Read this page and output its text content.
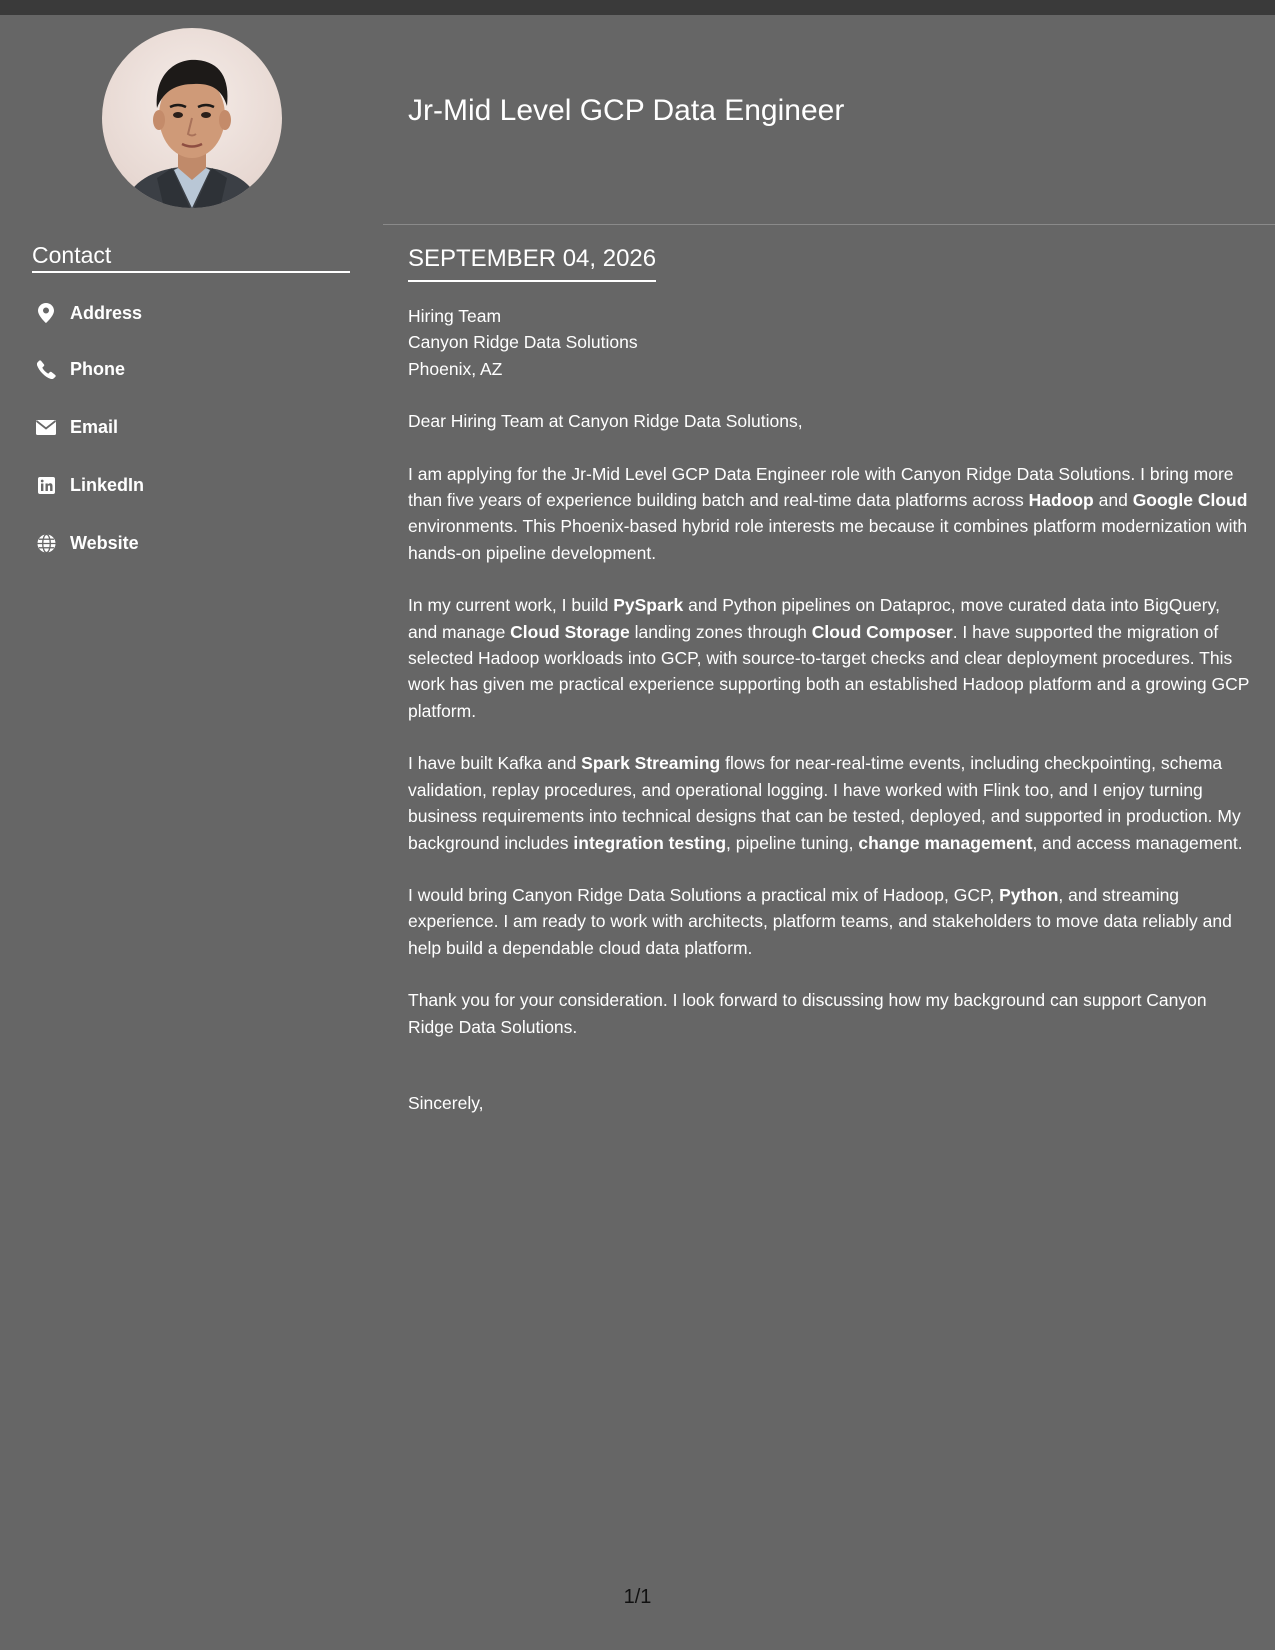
Contact
Address
Phone
Email
LinkedIn
Website
Jr-Mid Level GCP Data Engineer
SEPTEMBER 04, 2026
Hiring Team
Canyon Ridge Data Solutions
Phoenix, AZ

Dear Hiring Team at Canyon Ridge Data Solutions,

I am applying for the Jr-Mid Level GCP Data Engineer role with Canyon Ridge Data Solutions. I bring more than five years of experience building batch and real-time data platforms across Hadoop and Google Cloud environments. This Phoenix-based hybrid role interests me because it combines platform modernization with hands-on pipeline development.

In my current work, I build PySpark and Python pipelines on Dataproc, move curated data into BigQuery, and manage Cloud Storage landing zones through Cloud Composer. I have supported the migration of selected Hadoop workloads into GCP, with source-to-target checks and clear deployment procedures. This work has given me practical experience supporting both an established Hadoop platform and a growing GCP platform.

I have built Kafka and Spark Streaming flows for near-real-time events, including checkpointing, schema validation, replay procedures, and operational logging. I have worked with Flink too, and I enjoy turning business requirements into technical designs that can be tested, deployed, and supported in production. My background includes integration testing, pipeline tuning, change management, and access management.

I would bring Canyon Ridge Data Solutions a practical mix of Hadoop, GCP, Python, and streaming experience. I am ready to work with architects, platform teams, and stakeholders to move data reliably and help build a dependable cloud data platform.

Thank you for your consideration. I look forward to discussing how my background can support Canyon Ridge Data Solutions.

Sincerely,

1/1
